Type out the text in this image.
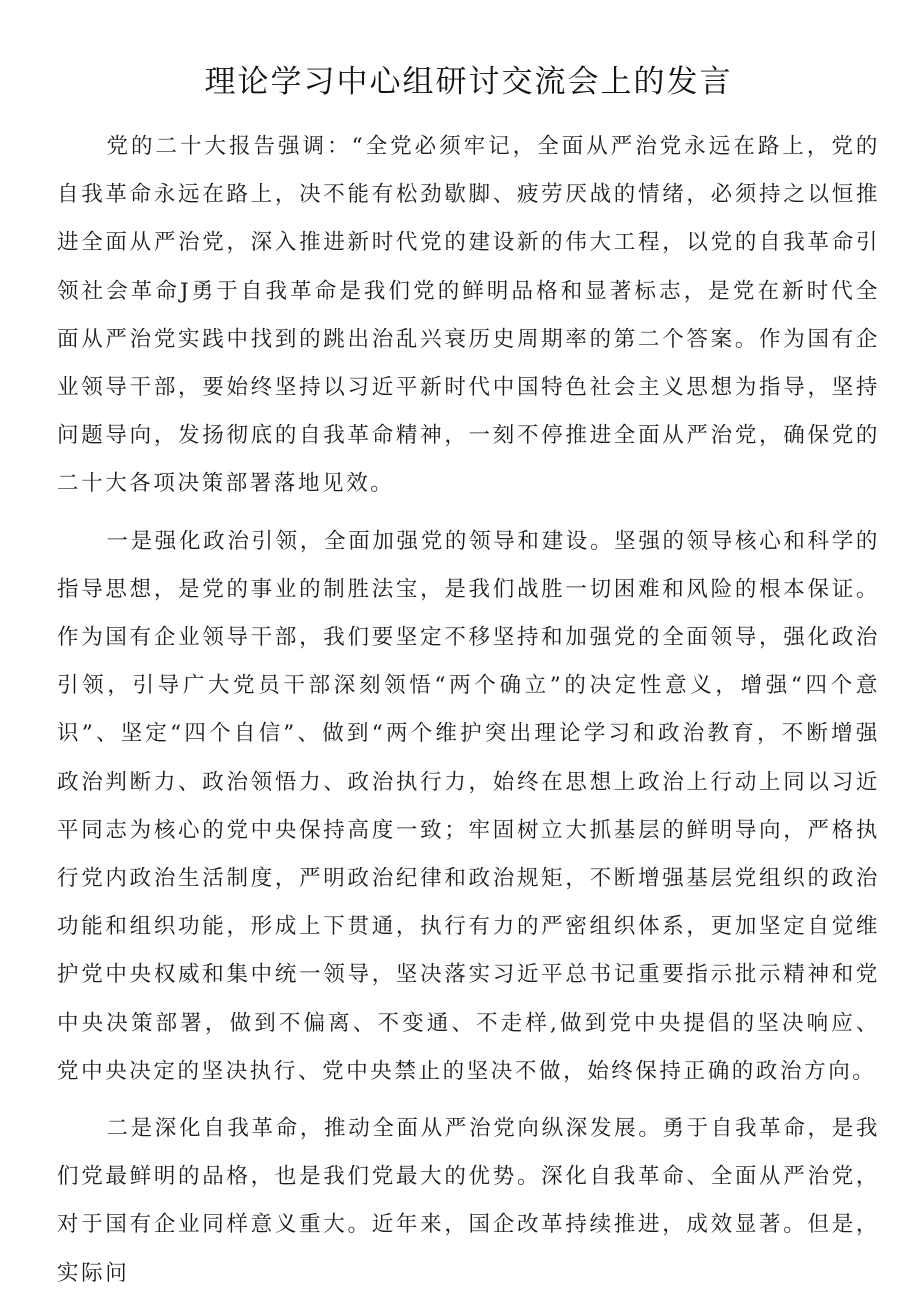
理论学习中心组研讨交流会上的发言

党的二十大报告强调：“全党必须牢记，全面从严治党永远在路上，党的自我革命永远在路上，决不能有松劲歇脚、疲劳厌战的情绪，必须持之以恒推进全面从严治党，深入推进新时代党的建设新的伟大工程，以党的自我革命引领社会革命J勇于自我革命是我们党的鲜明品格和显著标志，是党在新时代全面从严治党实践中找到的跳出治乱兴衰历史周期率的第二个答案。作为国有企业领导干部，要始终坚持以习近平新时代中国特色社会主义思想为指导，坚持问题导向，发扬彻底的自我革命精神，一刻不停推进全面从严治党，确保党的二十大各项决策部署落地见效。

一是强化政治引领，全面加强党的领导和建设。坚强的领导核心和科学的指导思想，是党的事业的制胜法宝，是我们战胜一切困难和风险的根本保证。作为国有企业领导干部，我们要坚定不移坚持和加强党的全面领导，强化政治引领，引导广大党员干部深刻领悟“两个确立”的决定性意义，增强“四个意识”、坚定“四个自信”、做到“两个维护突出理论学习和政治教育，不断增强政治判断力、政治领悟力、政治执行力，始终在思想上政治上行动上同以习近平同志为核心的党中央保持高度一致；牢固树立大抓基层的鲜明导向，严格执行党内政治生活制度，严明政治纪律和政治规矩，不断增强基层党组织的政治功能和组织功能，形成上下贯通，执行有力的严密组织体系，更加坚定自觉维护党中央权威和集中统一领导，坚决落实习近平总书记重要指示批示精神和党中央决策部署，做到不偏离、不变通、不走样,做到党中央提倡的坚决响应、党中央决定的坚决执行、党中央禁止的坚决不做，始终保持正确的政治方向。

二是深化自我革命，推动全面从严治党向纵深发展。勇于自我革命，是我们党最鲜明的品格，也是我们党最大的优势。深化自我革命、全面从严治党，对于国有企业同样意义重大。近年来，国企改革持续推进，成效显著。但是，实际问
